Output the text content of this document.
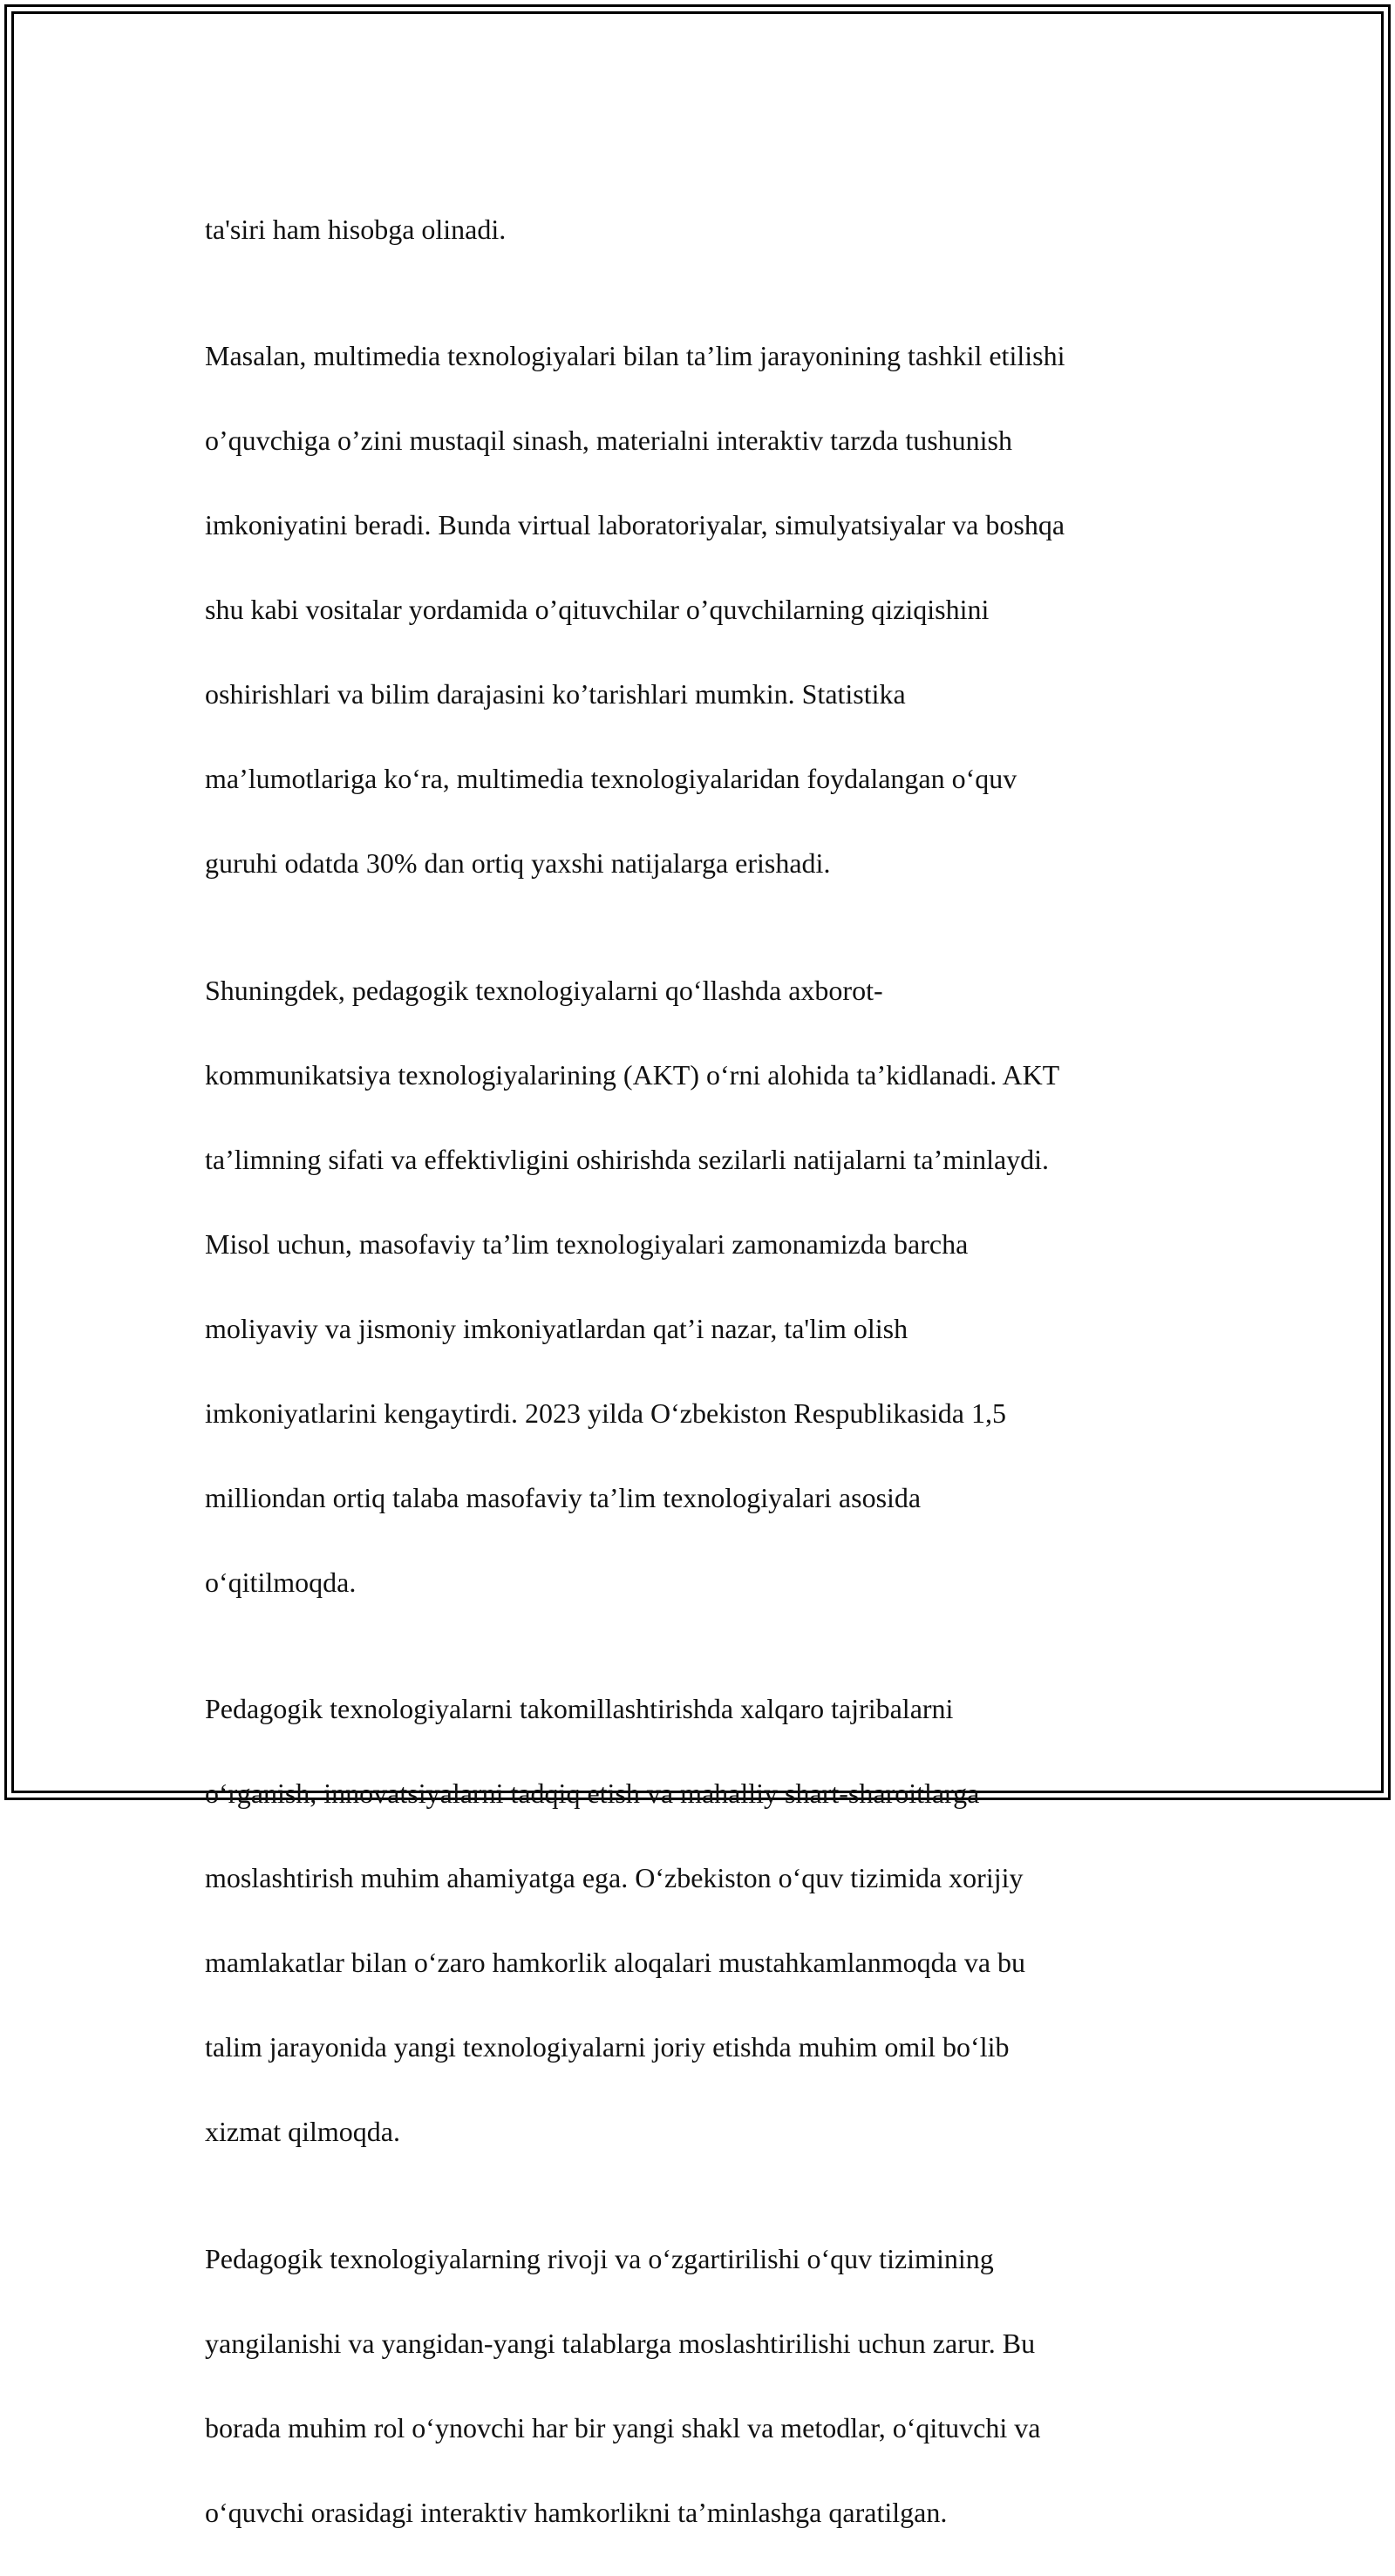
ta'siri ham hisobga olinadi.

Masalan, multimedia texnologiyalari bilan ta’lim jarayonining tashkil etilishi

o’quvchiga o’zini mustaqil sinash, materialni interaktiv tarzda tushunish

imkoniyatini beradi. Bunda virtual laboratoriyalar, simulyatsiyalar va boshqa

shu kabi vositalar yordamida o’qituvchilar o’quvchilarning qiziqishini

oshirishlari va bilim darajasini ko’tarishlari mumkin. Statistika

ma’lumotlariga ko‘ra, multimedia texnologiyalaridan foydalangan o‘quv

guruhi odatda 30% dan ortiq yaxshi natijalarga erishadi.

Shuningdek, pedagogik texnologiyalarni qo‘llashda axborot-

kommunikatsiya texnologiyalarining (AKT) o‘rni alohida ta’kidlanadi. AKT

ta’limning sifati va effektivligini oshirishda sezilarli natijalarni ta’minlaydi.

Misol uchun, masofaviy ta’lim texnologiyalari zamonamizda barcha

moliyaviy va jismoniy imkoniyatlardan qat’i nazar, ta'lim olish

imkoniyatlarini kengaytirdi. 2023 yilda O‘zbekiston Respublikasida 1,5

milliondan ortiq talaba masofaviy ta’lim texnologiyalari asosida

o‘qitilmoqda.

Pedagogik texnologiyalarni takomillashtirishda xalqaro tajribalarni

o‘rganish, innovatsiyalarni tadqiq etish va mahalliy shart-sharoitlarga

moslashtirish muhim ahamiyatga ega. O‘zbekiston o‘quv tizimida xorijiy

mamlakatlar bilan o‘zaro hamkorlik aloqalari mustahkamlanmoqda va bu

talim jarayonida yangi texnologiyalarni joriy etishda muhim omil bo‘lib

xizmat qilmoqda.

Pedagogik texnologiyalarning rivoji va o‘zgartirilishi o‘quv tizimining

yangilanishi va yangidan-yangi talablarga moslashtirilishi uchun zarur. Bu

borada muhim rol o‘ynovchi har bir yangi shakl va metodlar, o‘qituvchi va

o‘quvchi orasidagi interaktiv hamkorlikni ta’minlashga qaratilgan.
